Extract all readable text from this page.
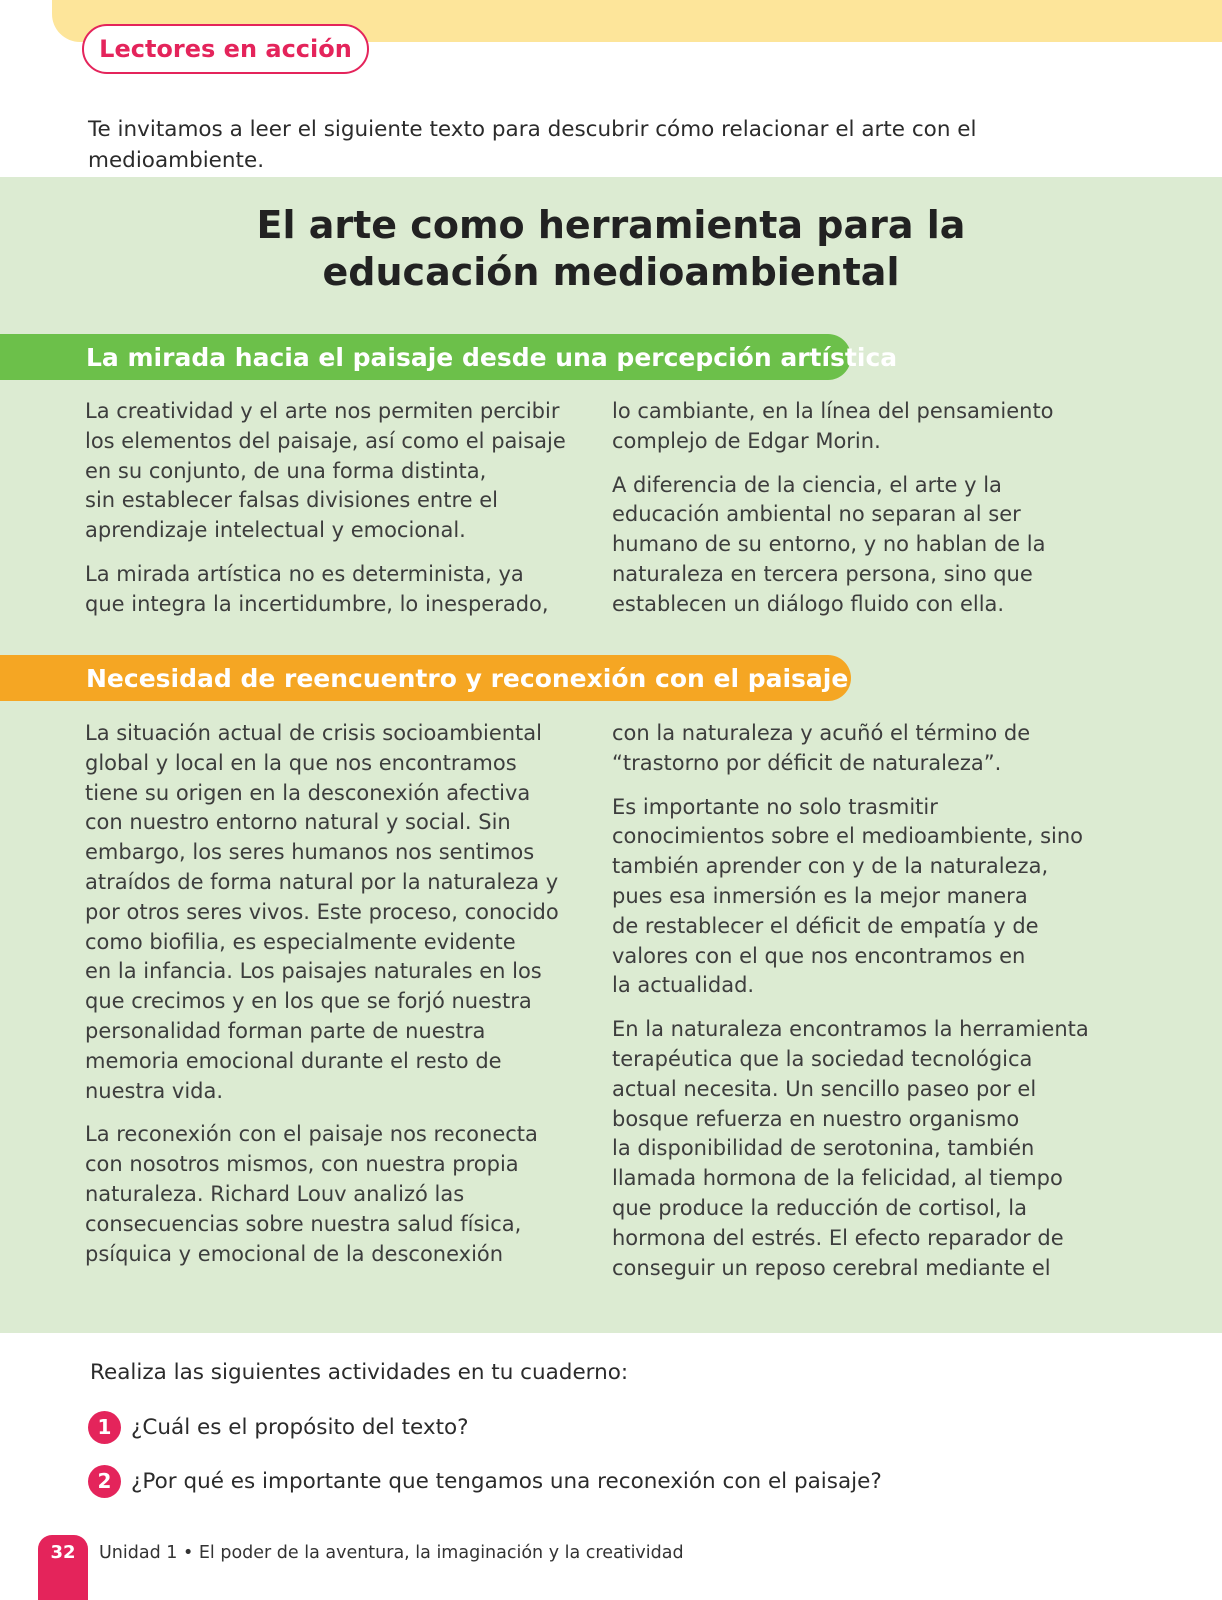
Lectores en acción

Te invitamos a leer el siguiente texto para descubrir cómo relacionar el arte con el medioambiente.

El arte como herramienta para la
educación medioambiental
La mirada hacia el paisaje desde una percepción artística

La creatividad y el arte nos permiten percibir
los elementos del paisaje, así como el paisaje
en su conjunto, de una forma distinta,
sin establecer falsas divisiones entre el
aprendizaje intelectual y emocional.

La mirada artística no es determinista, ya
que integra la incertidumbre, lo inesperado,

lo cambiante, en la línea del pensamiento
complejo de Edgar Morin.

A diferencia de la ciencia, el arte y la
educación ambiental no separan al ser
humano de su entorno, y no hablan de la
naturaleza en tercera persona, sino que
establecen un diálogo fluido con ella.

Necesidad de reencuentro y reconexión con el paisaje

La situación actual de crisis socioambiental
global y local en la que nos encontramos
tiene su origen en la desconexión afectiva
con nuestro entorno natural y social. Sin
embargo, los seres humanos nos sentimos
atraídos de forma natural por la naturaleza y
por otros seres vivos. Este proceso, conocido
como biofilia, es especialmente evidente
en la infancia. Los paisajes naturales en los
que crecimos y en los que se forjó nuestra
personalidad forman parte de nuestra
memoria emocional durante el resto de
nuestra vida.

La reconexión con el paisaje nos reconecta
con nosotros mismos, con nuestra propia
naturaleza. Richard Louv analizó las
consecuencias sobre nuestra salud física,
psíquica y emocional de la desconexión

con la naturaleza y acuñó el término de
“trastorno por déficit de naturaleza”.

Es importante no solo trasmitir
conocimientos sobre el medioambiente, sino
también aprender con y de la naturaleza,
pues esa inmersión es la mejor manera
de restablecer el déficit de empatía y de
valores con el que nos encontramos en
la actualidad.

En la naturaleza encontramos la herramienta
terapéutica que la sociedad tecnológica
actual necesita. Un sencillo paseo por el
bosque refuerza en nuestro organismo
la disponibilidad de serotonina, también
llamada hormona de la felicidad, al tiempo
que produce la reducción de cortisol, la
hormona del estrés. El efecto reparador de
conseguir un reposo cerebral mediante el

Realiza las siguientes actividades en tu cuaderno:

1 ¿Cuál es el propósito del texto?
2 ¿Por qué es importante que tengamos una reconexión con el paisaje?
32	Unidad 1 • El poder de la aventura, la imaginación y la creatividad
